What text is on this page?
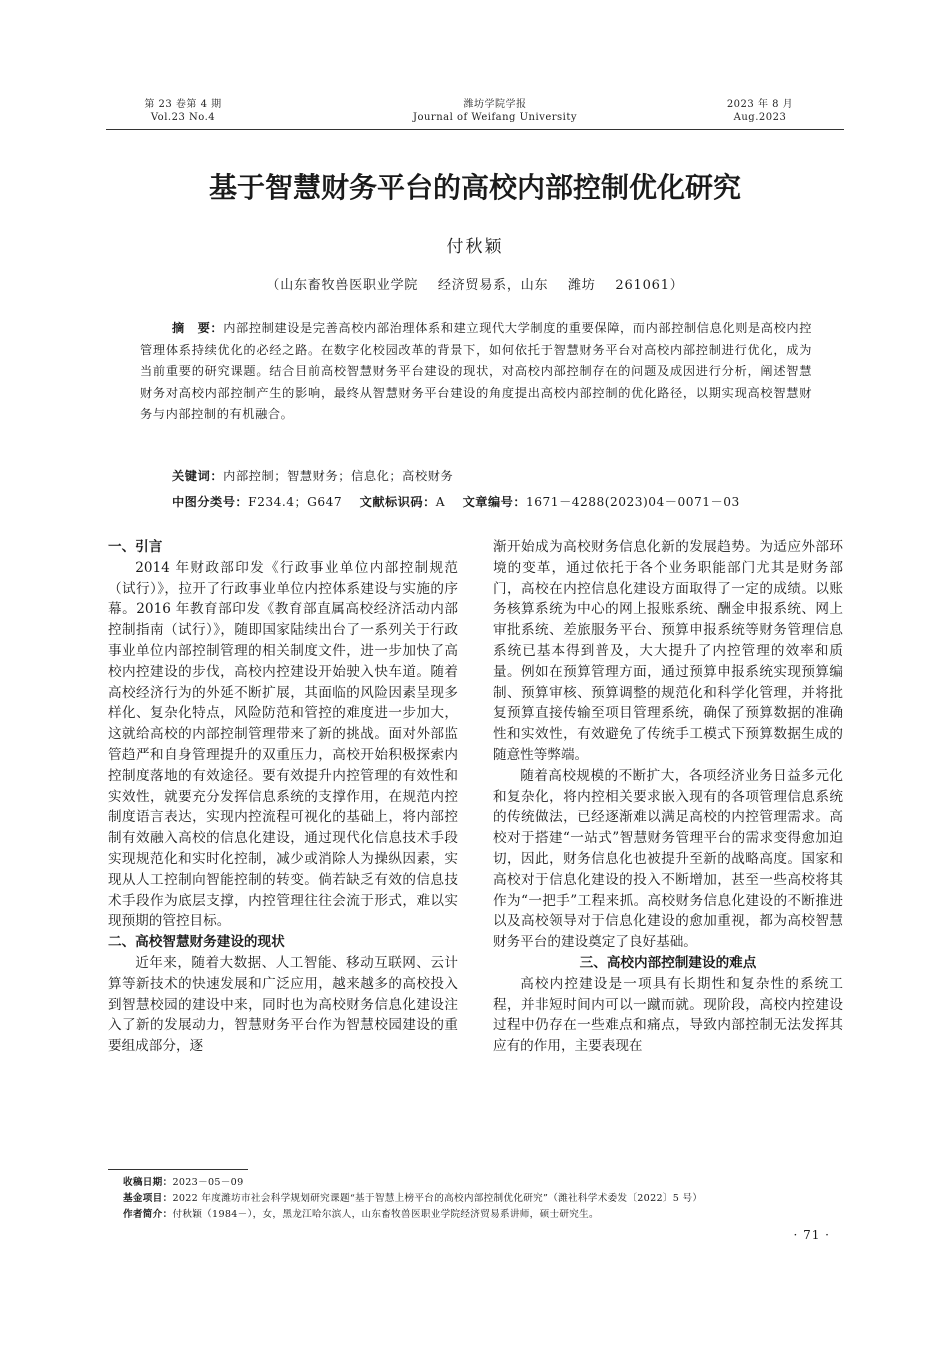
第 23 卷第 4 期
Vol.23 No.4
潍坊学院学报
Journal of Weifang University
2023 年 8 月
Aug.2023
基于智慧财务平台的高校内部控制优化研究
付秋颖
（山东畜牧兽医职业学院    经济贸易系，山东    潍坊    261061）
摘　要：内部控制建设是完善高校内部治理体系和建立现代大学制度的重要保障，而内部控制信息化则是高校内控管理体系持续优化的必经之路。在数字化校园改革的背景下，如何依托于智慧财务平台对高校内部控制进行优化，成为当前重要的研究课题。结合目前高校智慧财务平台建设的现状，对高校内部控制存在的问题及成因进行分析，阐述智慧财务对高校内部控制产生的影响，最终从智慧财务平台建设的角度提出高校内部控制的优化路径，以期实现高校智慧财务与内部控制的有机融合。
关键词：内部控制；智慧财务；信息化；高校财务
中图分类号：F234.4；G647 文献标识码：A 文章编号：1671－4288(2023)04－0071－03
一、引言

2014 年财政部印发《行政事业单位内部控制规范（试行）》，拉开了行政事业单位内控体系建设与实施的序幕。2016 年教育部印发《教育部直属高校经济活动内部控制指南（试行）》，随即国家陆续出台了一系列关于行政事业单位内部控制管理的相关制度文件，进一步加快了高校内控建设的步伐，高校内控建设开始驶入快车道。随着高校经济行为的外延不断扩展，其面临的风险因素呈现多样化、复杂化特点，风险防范和管控的难度进一步加大，这就给高校的内部控制管理带来了新的挑战。面对外部监管趋严和自身管理提升的双重压力，高校开始积极探索内控制度落地的有效途径。要有效提升内控管理的有效性和实效性，就要充分发挥信息系统的支撑作用，在规范内控制度语言表达，实现内控流程可视化的基础上，将内部控制有效融入高校的信息化建设，通过现代化信息技术手段实现规范化和实时化控制，减少或消除人为操纵因素，实现从人工控制向智能控制的转变。倘若缺乏有效的信息技术手段作为底层支撑，内控管理往往会流于形式，难以实现预期的管控目标。

二、高校智慧财务建设的现状

近年来，随着大数据、人工智能、移动互联网、云计算等新技术的快速发展和广泛应用，越来越多的高校投入到智慧校园的建设中来，同时也为高校财务信息化建设注入了新的发展动力，智慧财务平台作为智慧校园建设的重要组成部分，逐

渐开始成为高校财务信息化新的发展趋势。为适应外部环境的变革，通过依托于各个业务职能部门尤其是财务部门，高校在内控信息化建设方面取得了一定的成绩。以账务核算系统为中心的网上报账系统、酬金申报系统、网上审批系统、差旅服务平台、预算申报系统等财务管理信息系统已基本得到普及，大大提升了内控管理的效率和质量。例如在预算管理方面，通过预算申报系统实现预算编制、预算审核、预算调整的规范化和科学化管理，并将批复预算直接传输至项目管理系统，确保了预算数据的准确性和实效性，有效避免了传统手工模式下预算数据生成的随意性等弊端。

随着高校规模的不断扩大，各项经济业务日益多元化和复杂化，将内控相关要求嵌入现有的各项管理信息系统的传统做法，已经逐渐难以满足高校的内控管理需求。高校对于搭建“一站式”智慧财务管理平台的需求变得愈加迫切，因此，财务信息化也被提升至新的战略高度。国家和高校对于信息化建设的投入不断增加，甚至一些高校将其作为“一把手”工程来抓。高校财务信息化建设的不断推进以及高校领导对于信息化建设的愈加重视，都为高校智慧财务平台的建设奠定了良好基础。

三、高校内部控制建设的难点

高校内控建设是一项具有长期性和复杂性的系统工程，并非短时间内可以一蹴而就。现阶段，高校内控建设过程中仍存在一些难点和痛点，导致内部控制无法发挥其应有的作用，主要表现在

收稿日期：2023－05－09
基金项目：2022 年度潍坊市社会科学规划研究课题“基于智慧上榜平台的高校内部控制优化研究”（潍社科学术委发〔2022〕5 号）
作者简介：付秋颖（1984－），女，黑龙江哈尔滨人，山东畜牧兽医职业学院经济贸易系讲师，硕士研究生。
· 71 ·
